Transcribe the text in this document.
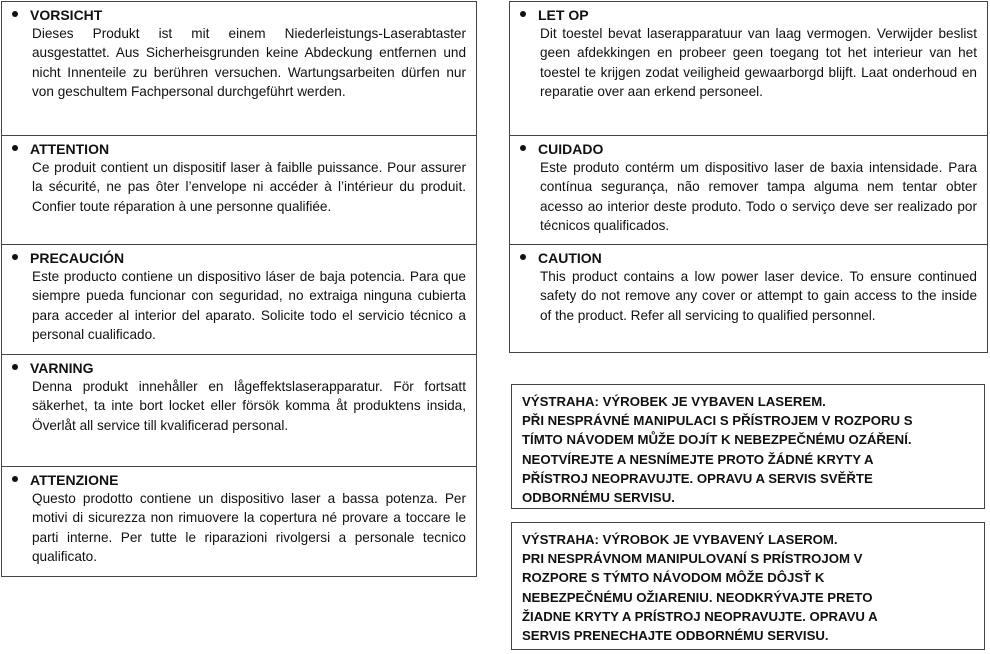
VORSICHT
Dieses Produkt ist mit einem Niederleistungs-Laserabtaster ausgestattet. Aus Sicherheisgrunden keine Abdeckung entfernen und nicht Innenteile zu berühren versuchen. Wartungsarbeiten dürfen nur von geschultem Fachpersonal durchgeführt werden.
ATTENTION
Ce produit contient un dispositif laser à faiblle puissance. Pour assurer la sécurité, ne pas ôter l’envelope ni accéder à l’intérieur du produit. Confier toute réparation à une personne qualifiée.
PRECAUCIÓN
Este producto contiene un dispositivo láser de baja potencia. Para que siempre pueda funcionar con seguridad, no extraiga ninguna cubierta para acceder al interior del aparato. Solicite todo el servicio técnico a personal cualificado.
VARNING
Denna produkt innehåller en lågeffektslaserapparatur. För fortsatt säkerhet, ta inte bort locket eller försök komma åt produktens insida, Överlåt all service till kvalificerad personal.
ATTENZIONE
Questo prodotto contiene un dispositivo laser a bassa potenza. Per motivi di sicurezza non rimuovere la copertura né provare a toccare le parti interne. Per tutte le riparazioni rivolgersi a personale tecnico qualificato.
LET OP
Dit toestel bevat laserapparatuur van laag vermogen. Verwijder beslist geen afdekkingen en probeer geen toegang tot het interieur van het toestel te krijgen zodat veiligheid gewaarborgd blijft. Laat onderhoud en reparatie over aan erkend personeel.
CUIDADO
Este produto contérm um dispositivo laser de baxia intensidade. Para contínua segurança, não remover tampa alguma nem tentar obter acesso ao interior deste produto. Todo o serviço deve ser realizado por técnicos qualificados.
CAUTION
This product contains a low power laser device. To ensure continued safety do not remove any cover or attempt to gain access to the inside of the product. Refer all servicing to qualified personnel.
VÝSTRAHA: VÝROBEK JE VYBAVEN LASEREM.
PŘI NESPRÁVNÉ MANIPULACI S PŘÍSTROJEM V ROZPORU S
TÍMTO NÁVODEM MŮŽE DOJÍT K NEBEZPEČNÉMU OZÁŘENÍ.
NEOTVÍREJTE A NESNÍMEJTE PROTO ŽÁDNÉ KRYTY A
PŘÍSTROJ NEOPRAVUJTE. OPRAVU A SERVIS SVĚŘTE
ODBORNÉMU SERVISU.
VÝSTRAHA: VÝROBOK JE VYBAVENÝ LASEROM.
PRI NESPRÁVNOM MANIPULOVANÍ S PRÍSTROJOM V
ROZPORE S TÝMTO NÁVODOM MÔŽE DÔJSŤ K
NEBEZPEČNÉMU OŽIARENIU. NEODKRÝVAJTE PRETO
ŽIADNE KRYTY A PRÍSTROJ NEOPRAVUJTE. OPRAVU A
SERVIS PRENECHAJTE ODBORNÉMU SERVISU.
